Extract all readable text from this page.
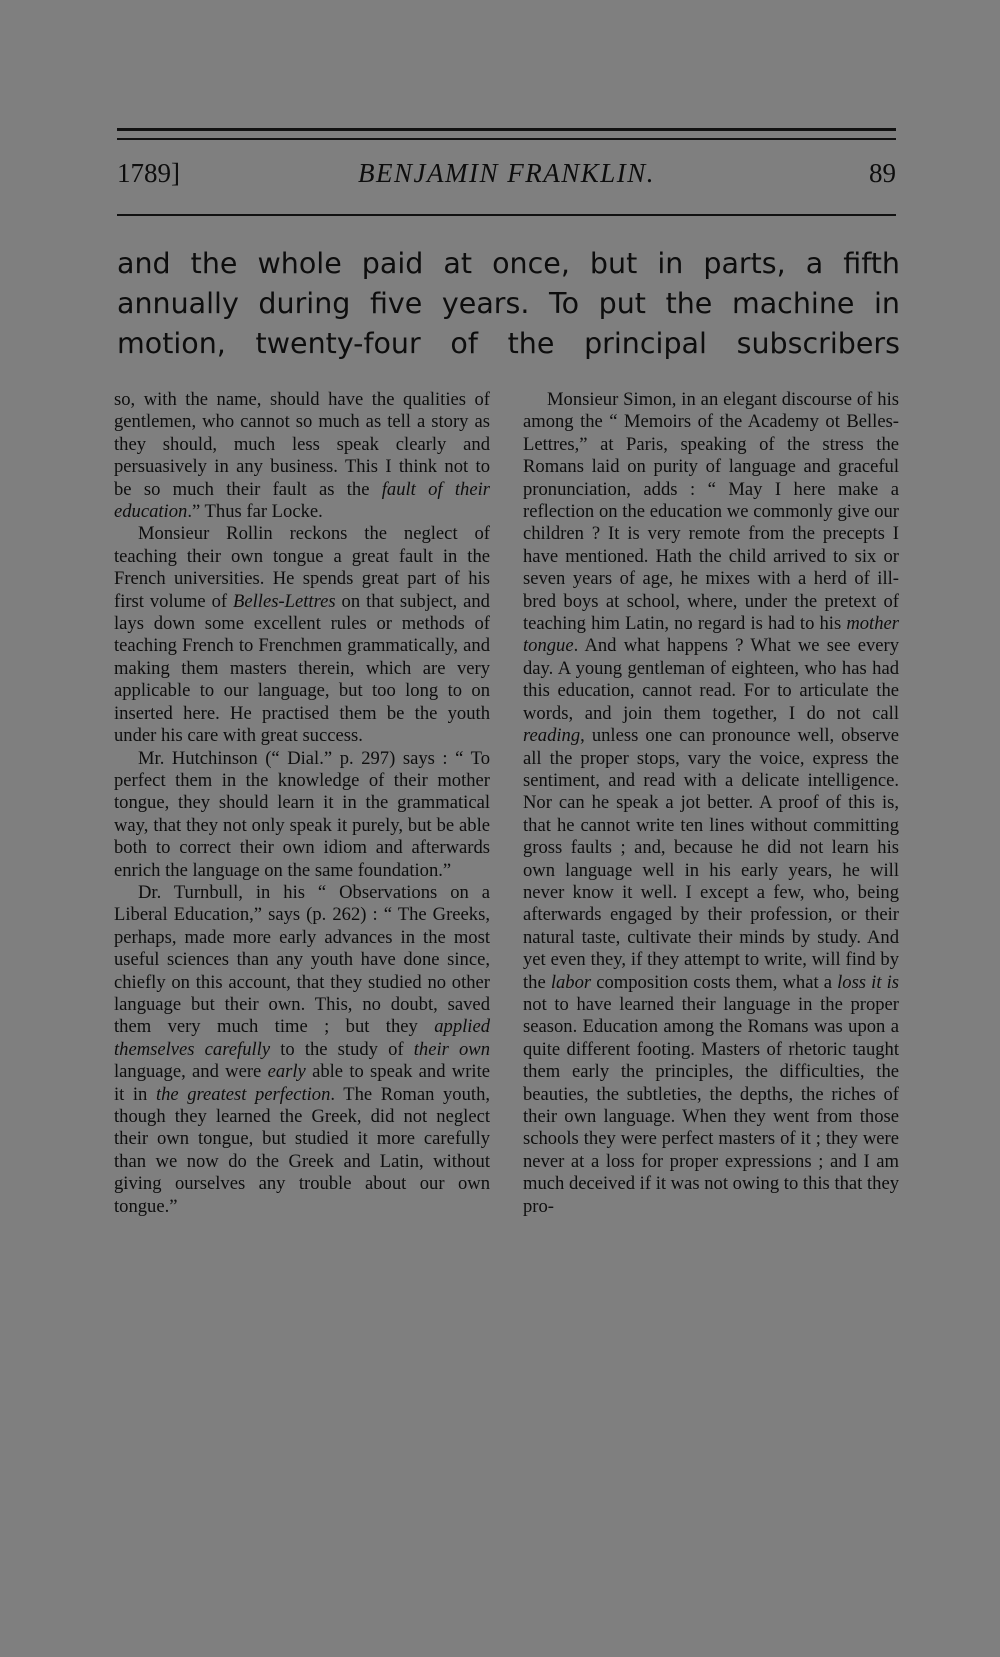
1789]	BENJAMIN FRANKLIN.	89
and the whole paid at once, but in parts, a fifth annually during five years. To put the machine in motion, twenty-four of the principal subscribers

so, with the name, should have the qualities of gentlemen, who cannot so much as tell a story as they should, much less speak clearly and persuasively in any business. This I think not to be so much their fault as the fault of their education.” Thus far Locke.

Monsieur Rollin reckons the neglect of teaching their own tongue a great fault in the French universities. He spends great part of his first volume of Belles-Lettres on that subject, and lays down some excellent rules or methods of teaching French to Frenchmen grammatically, and making them masters therein, which are very applicable to our language, but too long to on inserted here. He practised them be the youth under his care with great success.

Mr. Hutchinson (“ Dial.” p. 297) says : “ To perfect them in the knowledge of their mother tongue, they should learn it in the grammatical way, that they not only speak it purely, but be able both to correct their own idiom and afterwards enrich the language on the same foundation.”

Dr. Turnbull, in his “ Observations on a Liberal Education,” says (p. 262) : “ The Greeks, perhaps, made more early advances in the most useful sciences than any youth have done since, chiefly on this account, that they studied no other language but their own. This, no doubt, saved them very much time ; but they applied themselves carefully to the study of their own language, and were early able to speak and write it in the greatest perfection. The Roman youth, though they learned the Greek, did not neglect their own tongue, but studied it more carefully than we now do the Greek and Latin, without giving ourselves any trouble about our own tongue.”

Monsieur Simon, in an elegant discourse of his among the “ Memoirs of the Academy ot Belles-Lettres,” at Paris, speaking of the stress the Romans laid on purity of language and graceful pronunciation, adds : “ May I here make a reflection on the education we commonly give our children ? It is very remote from the precepts I have mentioned. Hath the child arrived to six or seven years of age, he mixes with a herd of ill-bred boys at school, where, under the pretext of teaching him Latin, no regard is had to his mother tongue. And what happens ? What we see every day. A young gentleman of eighteen, who has had this education, cannot read. For to articulate the words, and join them together, I do not call reading, unless one can pronounce well, observe all the proper stops, vary the voice, express the sentiment, and read with a delicate intelligence. Nor can he speak a jot better. A proof of this is, that he cannot write ten lines without committing gross faults ; and, because he did not learn his own language well in his early years, he will never know it well. I except a few, who, being afterwards engaged by their profession, or their natural taste, cultivate their minds by study. And yet even they, if they attempt to write, will find by the labor composition costs them, what a loss it is not to have learned their language in the proper season. Education among the Romans was upon a quite different footing. Masters of rhetoric taught them early the principles, the difficulties, the beauties, the subtleties, the depths, the riches of their own language. When they went from those schools they were perfect masters of it ; they were never at a loss for proper expressions ; and I am much deceived if it was not owing to this that they pro-
